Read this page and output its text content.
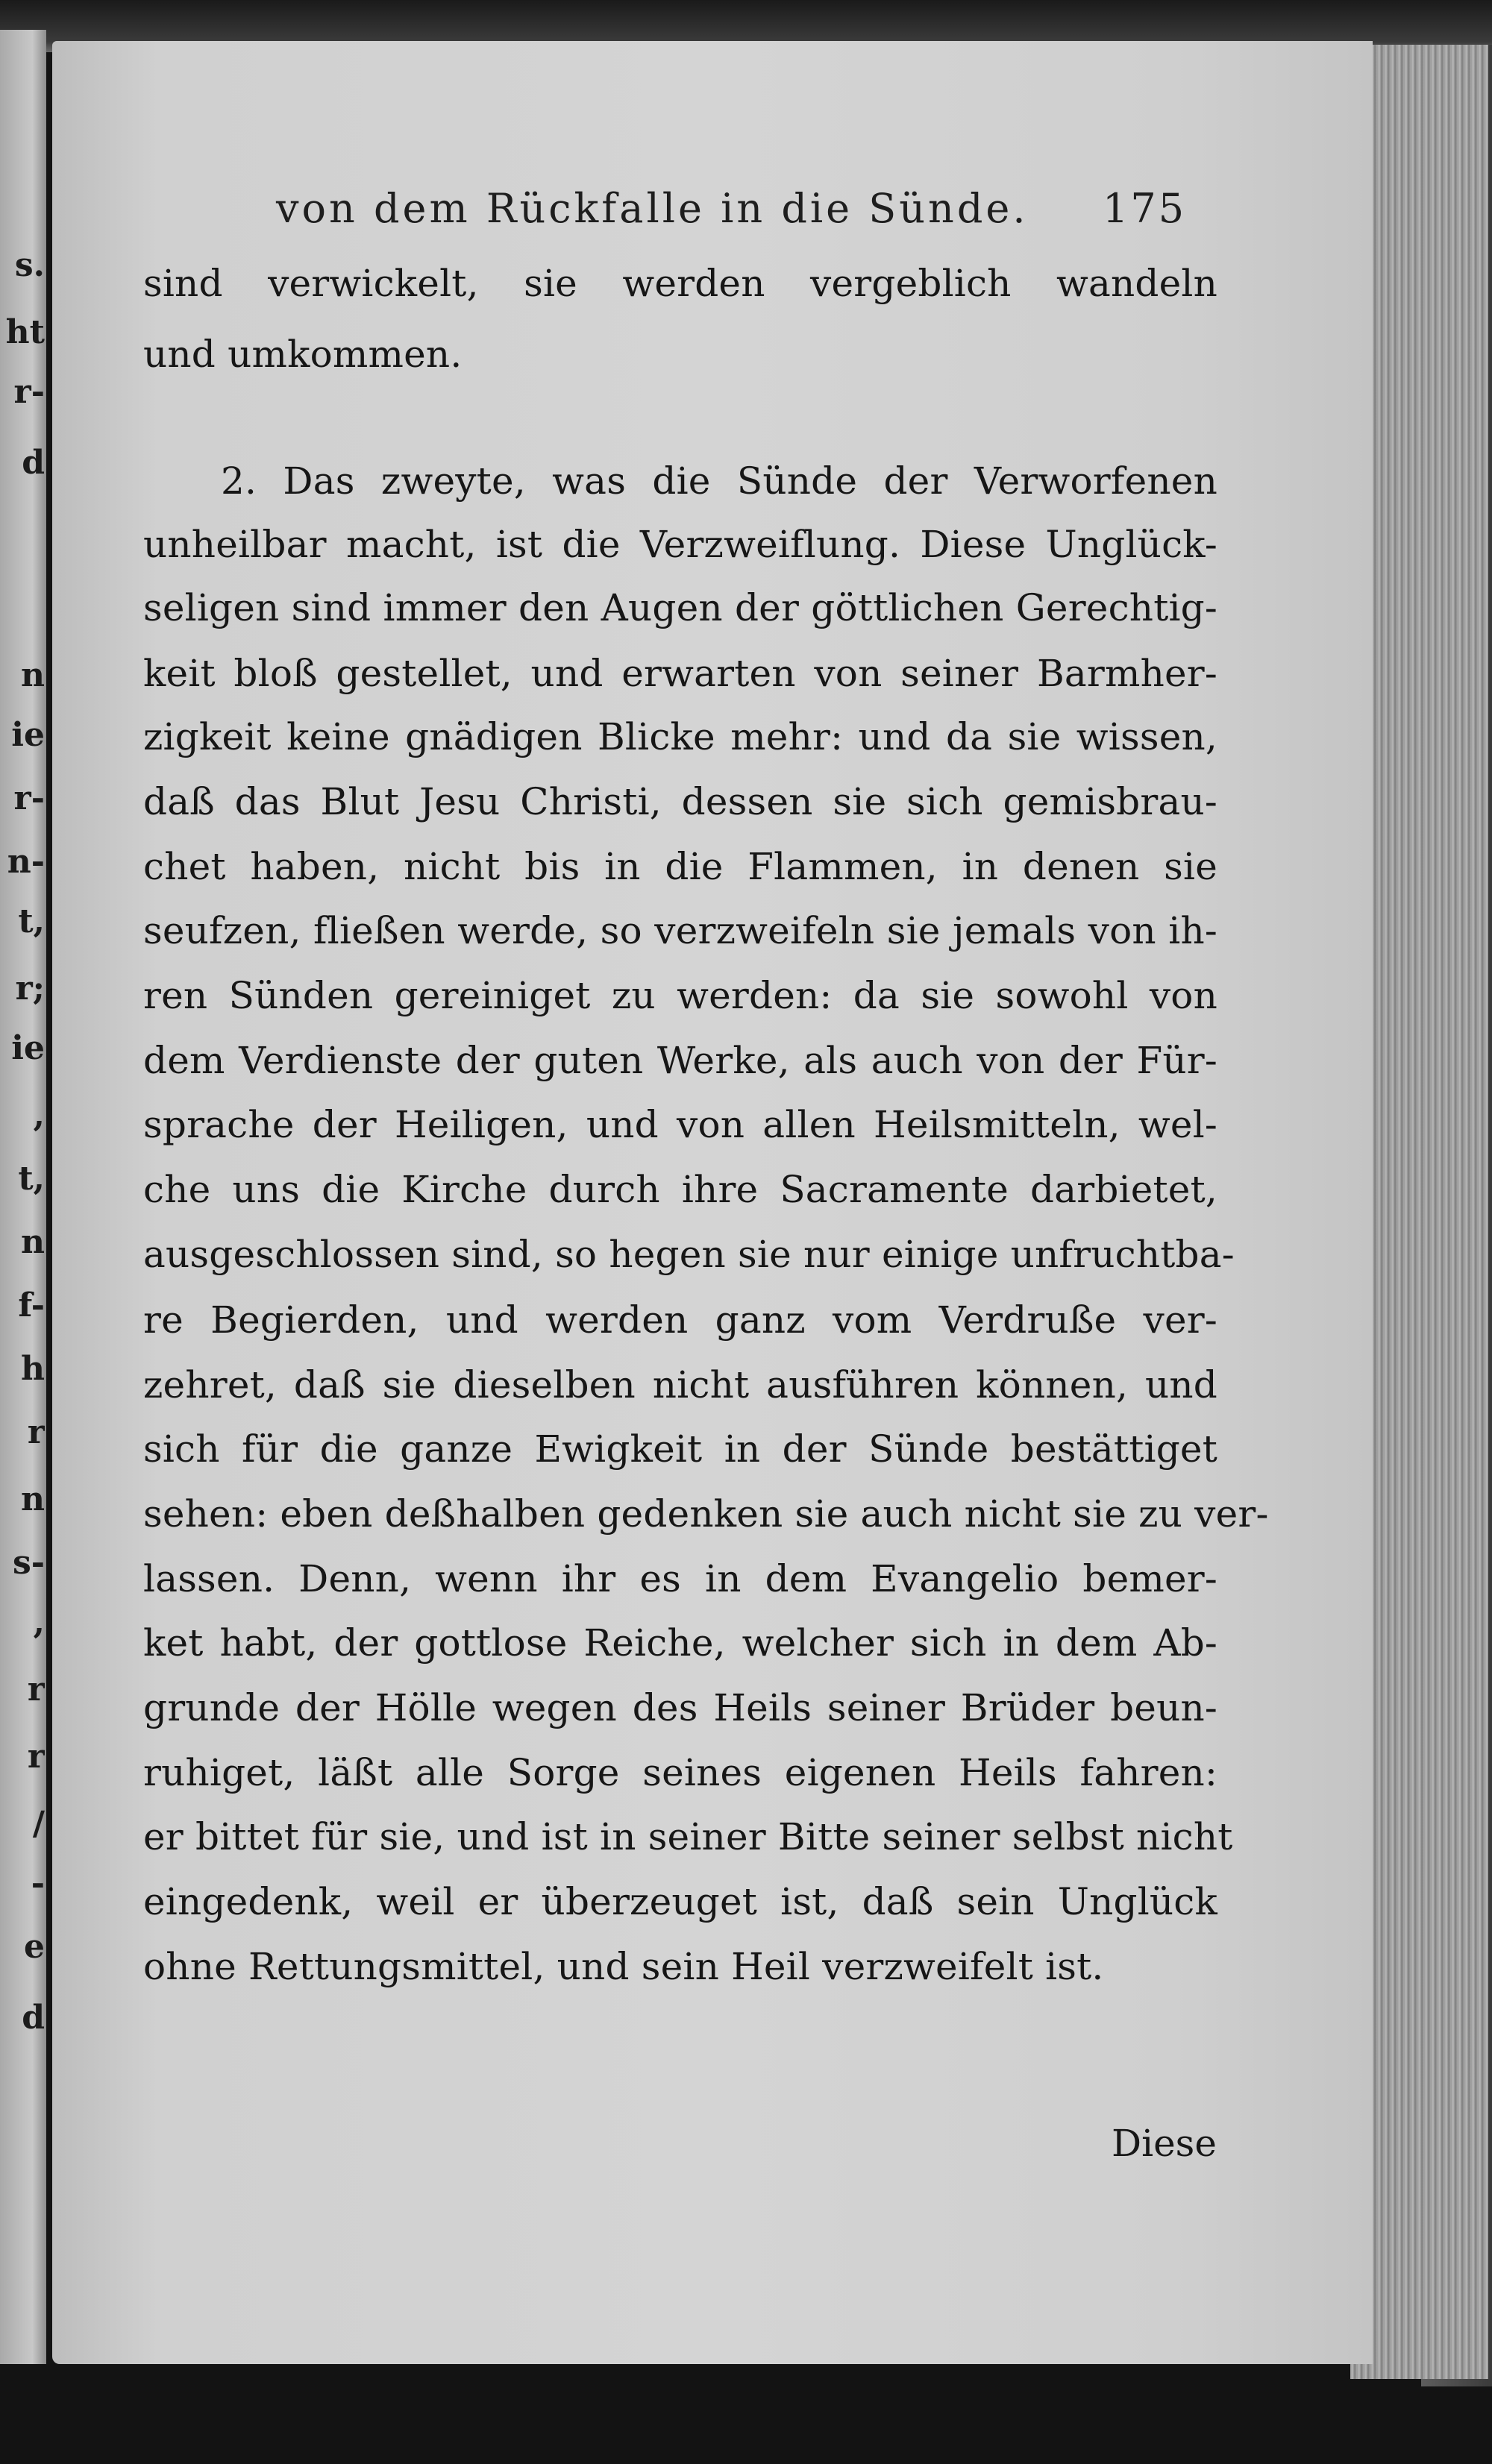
s.
ht
r-
d
n
ie
r-
n-
t,
r;
ie
,
t,
n
f-
h
r
n
s-
,
r
r
/
-
e
d
von dem Rückfalle in die Sünde. 175
sind verwickelt, sie werden vergeblich wandeln
und umkommen.
2. Das zweyte, was die Sünde der Verworfenen
unheilbar macht, ist die Verzweiflung. Diese Unglück-
seligen sind immer den Augen der göttlichen Gerechtig-
keit bloß gestellet, und erwarten von seiner Barmher-
zigkeit keine gnädigen Blicke mehr: und da sie wissen,
daß das Blut Jesu Christi, dessen sie sich gemisbrau-
chet haben, nicht bis in die Flammen, in denen sie
seufzen, fließen werde, so verzweifeln sie jemals von ih-
ren Sünden gereiniget zu werden: da sie sowohl von
dem Verdienste der guten Werke, als auch von der Für-
sprache der Heiligen, und von allen Heilsmitteln, wel-
che uns die Kirche durch ihre Sacramente darbietet,
ausgeschlossen sind, so hegen sie nur einige unfruchtba-
re Begierden, und werden ganz vom Verdruße ver-
zehret, daß sie dieselben nicht ausführen können, und
sich für die ganze Ewigkeit in der Sünde bestättiget
sehen: eben deßhalben gedenken sie auch nicht sie zu ver-
lassen. Denn, wenn ihr es in dem Evangelio bemer-
ket habt, der gottlose Reiche, welcher sich in dem Ab-
grunde der Hölle wegen des Heils seiner Brüder beun-
ruhiget, läßt alle Sorge seines eigenen Heils fahren:
er bittet für sie, und ist in seiner Bitte seiner selbst nicht
eingedenk, weil er überzeuget ist, daß sein Unglück
ohne Rettungsmittel, und sein Heil verzweifelt ist.
Diese
